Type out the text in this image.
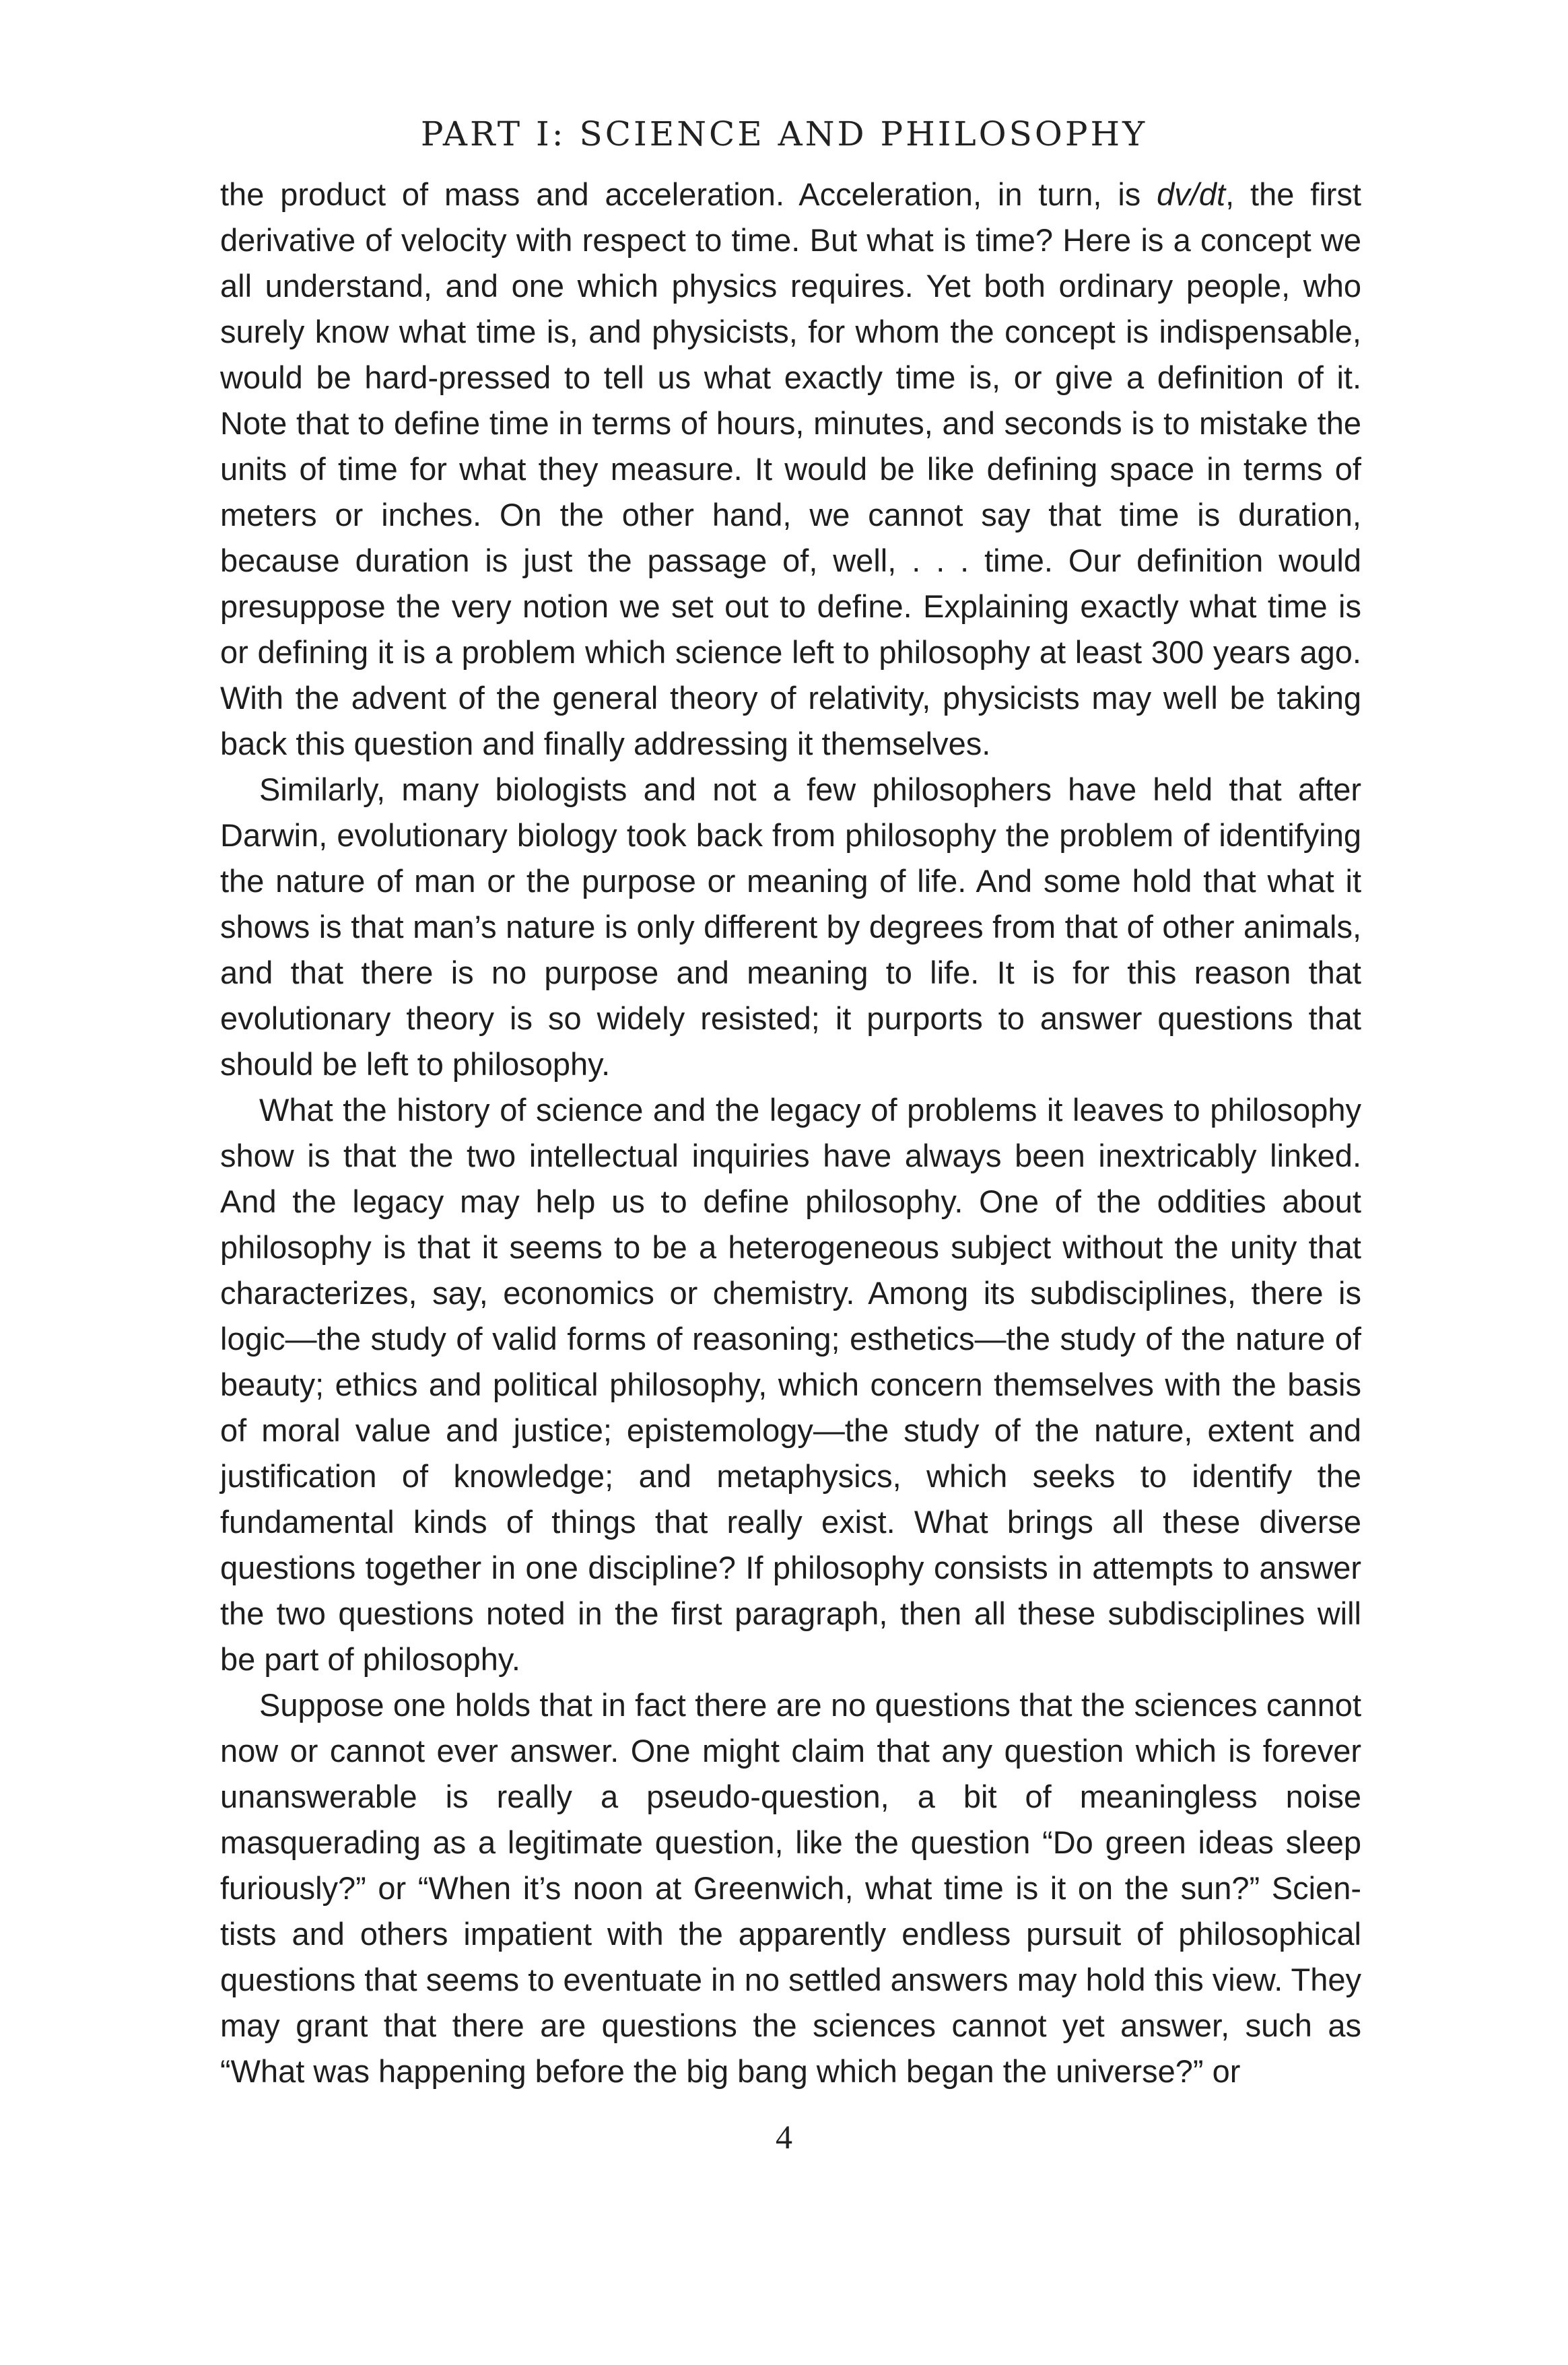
PART I: SCIENCE AND PHILOSOPHY

the product of mass and acceleration. Acceleration, in turn, is dv/dt, the first derivative of velocity with respect to time. But what is time? Here is a concept we all understand, and one which physics requires. Yet both ordinary people, who surely know what time is, and physicists, for whom the concept is indispensable, would be hard-pressed to tell us what exactly time is, or give a definition of it. Note that to define time in terms of hours, minutes, and seconds is to mistake the units of time for what they measure. It would be like defining space in terms of meters or inches. On the other hand, we cannot say that time is duration, because duration is just the passage of, well, . . . time. Our definition would presuppose the very notion we set out to define. Explaining exactly what time is or defining it is a problem which science left to philosophy at least 300 years ago. With the advent of the general theory of relativity, physicists may well be taking back this question and finally addressing it themselves.

Similarly, many biologists and not a few philosophers have held that after Darwin, evolutionary biology took back from philosophy the problem of identifying the nature of man or the purpose or meaning of life. And some hold that what it shows is that man’s nature is only different by degrees from that of other animals, and that there is no purpose and meaning to life. It is for this reason that evolutionary theory is so widely resisted; it purports to answer questions that should be left to philosophy.

What the history of science and the legacy of problems it leaves to philosophy show is that the two intellectual inquiries have always been inextricably linked. And the legacy may help us to define philosophy. One of the oddities about philosophy is that it seems to be a heterogeneous subject without the unity that characterizes, say, economics or chemistry. Among its subdisciplines, there is logic—the study of valid forms of reasoning; esthetics—the study of the nature of beauty; ethics and political philosophy, which concern themselves with the basis of moral value and justice; epistemology—the study of the nature, extent and justification of knowledge; and metaphysics, which seeks to identify the fundamental kinds of things that really exist. What brings all these diverse questions together in one discipline? If philosophy consists in attempts to answer the two questions noted in the first paragraph, then all these subdisciplines will be part of philosophy.

Suppose one holds that in fact there are no questions that the sciences cannot now or cannot ever answer. One might claim that any question which is forever unanswerable is really a pseudo-question, a bit of meaningless noise masquerading as a legitimate question, like the question “Do green ideas sleep furiously?” or “When it’s noon at Greenwich, what time is it on the sun?” Scientists and others impatient with the apparently endless pursuit of philosophical questions that seems to eventuate in no settled answers may hold this view. They may grant that there are questions the sciences cannot yet answer, such as “What was happening before the big bang which began the universe?” or

4
